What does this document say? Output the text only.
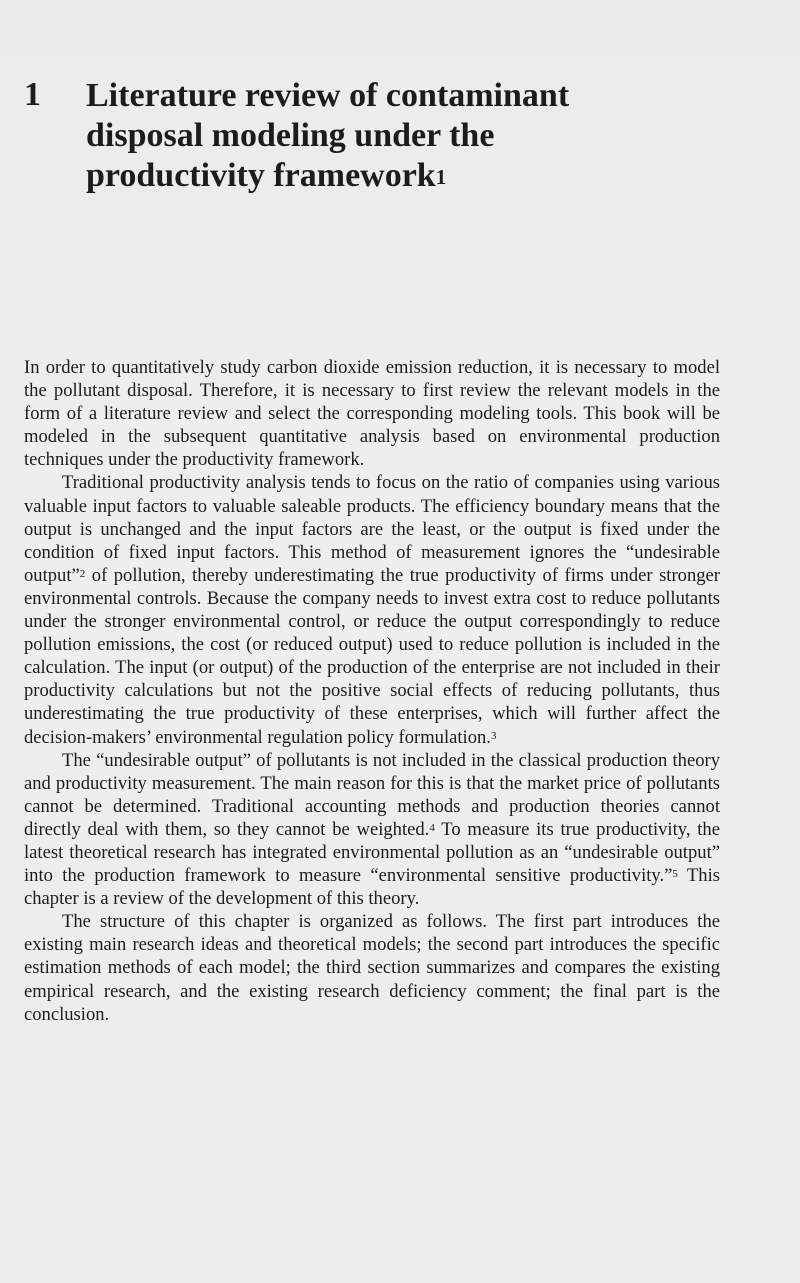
1 Literature review of contaminant
disposal modeling under the
productivity framework$^1$

In order to quantitatively study carbon dioxide emission reduction, it is necessary to model the pollutant disposal. Therefore, it is necessary to first review the relevant models in the form of a literature review and select the corresponding modeling tools. This book will be modeled in the subsequent quantitative analysis based on environmental production techniques under the productivity framework.

Traditional productivity analysis tends to focus on the ratio of companies using various valuable input factors to valuable saleable products. The efficiency boundary means that the output is unchanged and the input factors are the least, or the output is fixed under the condition of fixed input factors. This method of measurement ignores the “undesirable output”$^2$ of pollution, thereby underestimating the true productivity of firms under stronger environmental controls. Because the company needs to invest extra cost to reduce pollutants under the stronger environmental control, or reduce the output correspondingly to reduce pollution emissions, the cost (or reduced output) used to reduce pollution is included in the calculation. The input (or output) of the production of the enterprise are not included in their productivity calculations but not the positive social effects of reducing pollutants, thus underestimating the true productivity of these enterprises, which will further affect the decision-makers’ environmental regulation policy formulation.$^3$

The “undesirable output” of pollutants is not included in the classical production theory and productivity measurement. The main reason for this is that the market price of pollutants cannot be determined. Traditional accounting methods and production theories cannot directly deal with them, so they cannot be weighted.$^4$ To measure its true productivity, the latest theoretical research has integrated environmental pollution as an “undesirable output” into the production framework to measure “environmental sensitive productivity.”$^5$ This chapter is a review of the development of this theory.

The structure of this chapter is organized as follows. The first part introduces the existing main research ideas and theoretical models; the second part introduces the specific estimation methods of each model; the third section summarizes and compares the existing empirical research, and the existing research deficiency comment; the final part is the conclusion.
